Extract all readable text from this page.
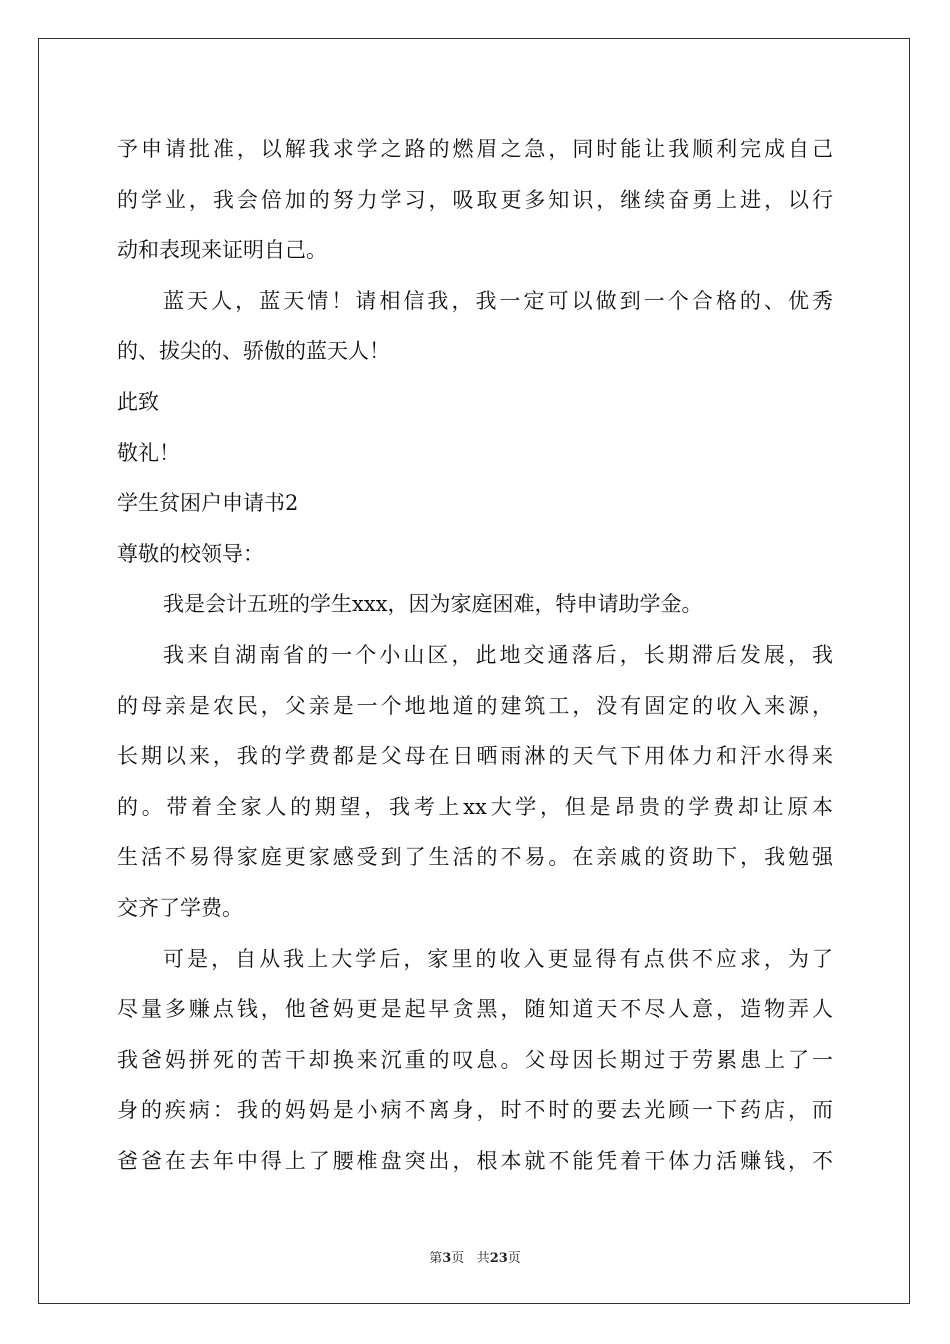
予申请批准，以解我求学之路的燃眉之急，同时能让我顺利完成自己
的学业，我会倍加的努力学习，吸取更多知识，继续奋勇上进，以行
动和表现来证明自己。
蓝天人，蓝天情！请相信我，我一定可以做到一个合格的、优秀
的、拔尖的、骄傲的蓝天人！
此致
敬礼！
学生贫困户申请书2
尊敬的校领导：
我是会计五班的学生xxx，因为家庭困难，特申请助学金。
我来自湖南省的一个小山区，此地交通落后，长期滞后发展，我
的母亲是农民，父亲是一个地地道的建筑工，没有固定的收入来源，
长期以来，我的学费都是父母在日晒雨淋的天气下用体力和汗水得来
的。带着全家人的期望，我考上xx大学，但是昂贵的学费却让原本
生活不易得家庭更家感受到了生活的不易。在亲戚的资助下，我勉强
交齐了学费。
可是，自从我上大学后，家里的收入更显得有点供不应求，为了
尽量多赚点钱，他爸妈更是起早贪黑，随知道天不尽人意，造物弄人
我爸妈拼死的苦干却换来沉重的叹息。父母因长期过于劳累患上了一
身的疾病：我的妈妈是小病不离身，时不时的要去光顾一下药店，而
爸爸在去年中得上了腰椎盘突出，根本就不能凭着干体力活赚钱，不
第3页 共23页
